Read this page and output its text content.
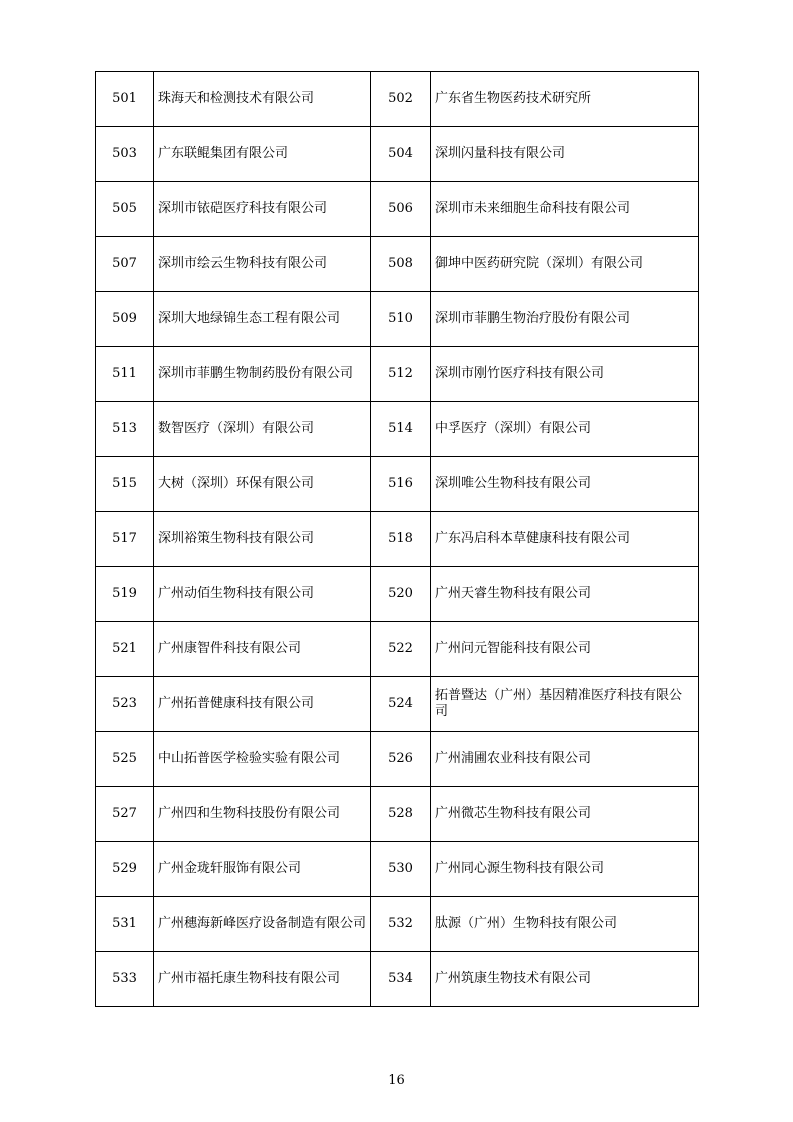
501	珠海天和检测技术有限公司	502	广东省生物医药技术研究所
503	广东联鲲集团有限公司	504	深圳闪量科技有限公司
505	深圳市铱硙医疗科技有限公司	506	深圳市未来细胞生命科技有限公司
507	深圳市绘云生物科技有限公司	508	御坤中医药研究院（深圳）有限公司
509	深圳大地绿锦生态工程有限公司	510	深圳市菲鹏生物治疗股份有限公司
511	深圳市菲鹏生物制药股份有限公司	512	深圳市刚竹医疗科技有限公司
513	数智医疗（深圳）有限公司	514	中孚医疗（深圳）有限公司
515	大树（深圳）环保有限公司	516	深圳唯公生物科技有限公司
517	深圳裕策生物科技有限公司	518	广东冯启科本草健康科技有限公司
519	广州动佰生物科技有限公司	520	广州天睿生物科技有限公司
521	广州康智件科技有限公司	522	广州问元智能科技有限公司
523	广州拓普健康科技有限公司	524	拓普暨达（广州）基因精准医疗科技有限公司
525	中山拓普医学检验实验有限公司	526	广州浦圃农业科技有限公司
527	广州四和生物科技股份有限公司	528	广州微芯生物科技有限公司
529	广州金珑轩服饰有限公司	530	广州同心源生物科技有限公司
531	广州穗海新峰医疗设备制造有限公司	532	肽源（广州）生物科技有限公司
533	广州市福托康生物科技有限公司	534	广州筑康生物技术有限公司
16
